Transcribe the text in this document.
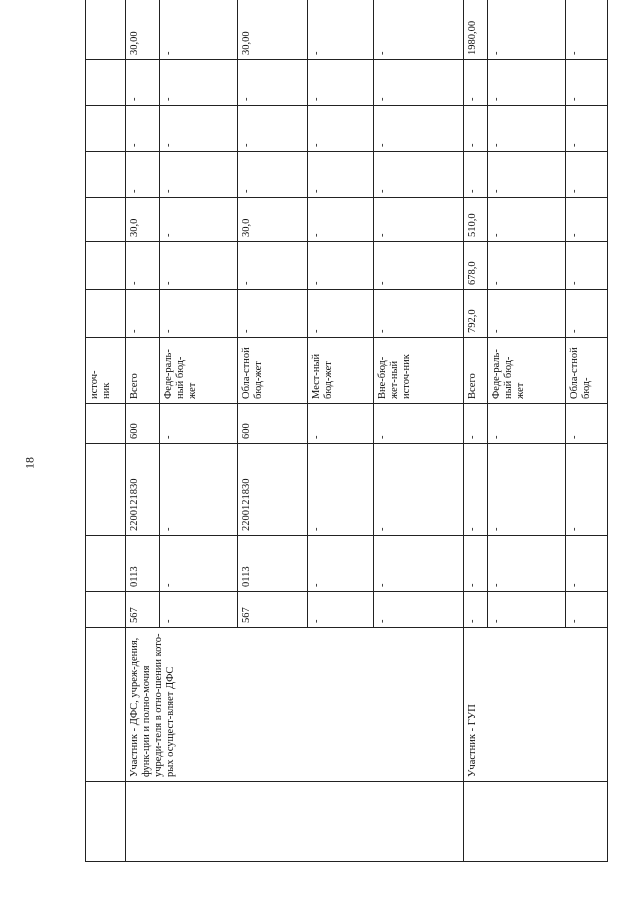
18
						источ-
ник							
	Участник - ДФС, учреж-дения, функ-ции и полно-мочия учреди-теля в отно-шении кото-рых осущест-вляет ДФС	567	0113	2200121830	600	Всего	-	-	30,0	-	-	-	30,00
		-	-	-	-	Феде-раль-ный бюд-жет	-	-	-	-	-	-	-
		567	0113	2200121830	600	Обла-стной бюд-жет	-	-	30,0	-	-	-	30,00
		-	-	-	-	Мест-ный бюд-жет	-	-	-	-	-	-	-
		-	-	-	-	Вне-бюд-жет-ный источ-ник	-	-	-	-	-	-	-
	Участник - ГУП	-	-	-	-	Всего	792,0	678,0	510,0	-	-	-	1980,00
		-	-	-	-	Феде-раль-ный бюд-жет	-	-	-	-	-	-	-
		-	-	-	-	Обла-стной бюд-	-	-	-	-	-	-	-
